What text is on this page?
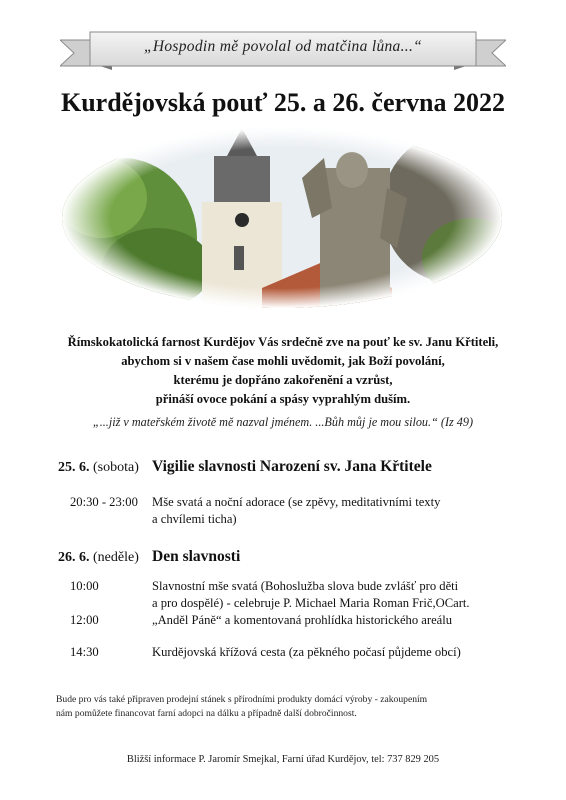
„Hospodin mě povolal od matčina lůna...“
Kurdějovská pouť 25. a 26. června 2022
Římskokatolická farnost Kurdějov Vás srdečně zve na pouť ke sv. Janu Křtiteli,
abychom si v našem čase mohli uvědomit, jak Boží povolání,
kterému je dopřáno zakořenění a vzrůst,
přináší ovoce pokání a spásy vyprahlým duším.
„...již v mateřském životě mě nazval jménem. ...Bůh můj je mou silou.“ (Iz 49)
25. 6. (sobota) Vigilie slavnosti Narození sv. Jana Křtitele
20:30 - 23:00 Mše svatá a noční adorace (se zpěvy, meditativními texty
a chvílemi ticha)
26. 6. (neděle) Den slavnosti
10:00	Slavnostní mše svatá (Bohoslužba slova bude zvlášť pro děti
a pro dospělé) - celebruje P. Michael Maria Roman Frič,OCart.
12:00	„Anděl Páně“ a komentovaná prohlídka historického areálu
14:30	Kurdějovská křížová cesta (za pěkného počasí půjdeme obcí)
Bude pro vás také připraven prodejní stánek s přírodními produkty domácí výroby - zakoupením
nám pomůžete financovat farní adopci na dálku a případně další dobročinnost.
Bližší informace P. Jaromír Smejkal, Farní úřad Kurdějov, tel: 737 829 205
